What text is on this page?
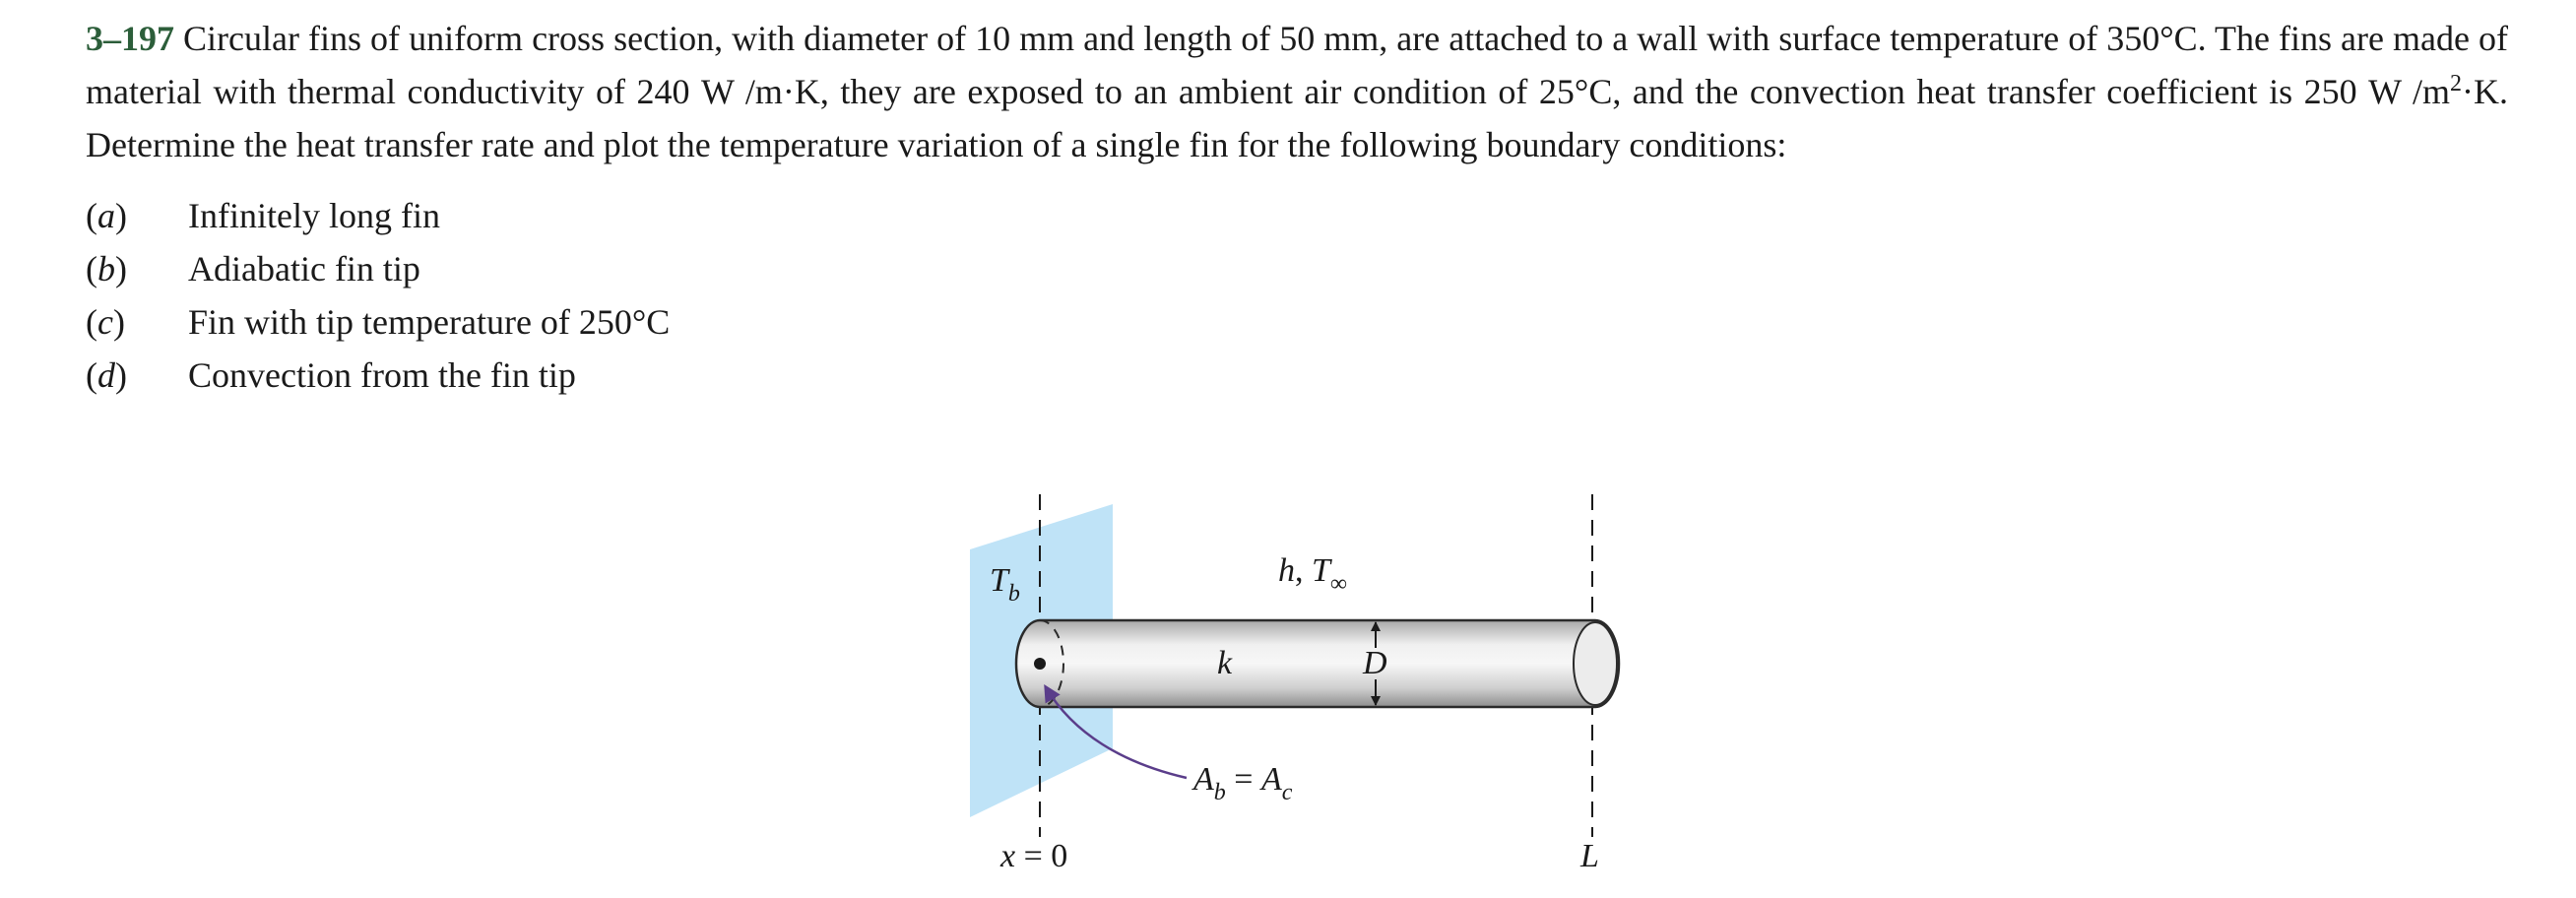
3–197 Circular fins of uniform cross section, with diameter of 10 mm and length of 50 mm, are attached to a wall with surface temperature of 350°C. The fins are made of material with thermal conductivity of 240 W /m·K, they are exposed to an ambient air condition of 25°C, and the convection heat transfer coefficient is 250 W $/m^2\cdot K$. Determine the heat transfer rate and plot the temperature variation of a single fin for the following boundary conditions:
(a)	Infinitely long fin
(b)	Adiabatic fin tip
(c)	Fin with tip temperature of 250°C
(d)	Convection from the fin tip
$T_b$
h, $T_\infty$
k	D
$A_b = A_c$
x = 0	L
